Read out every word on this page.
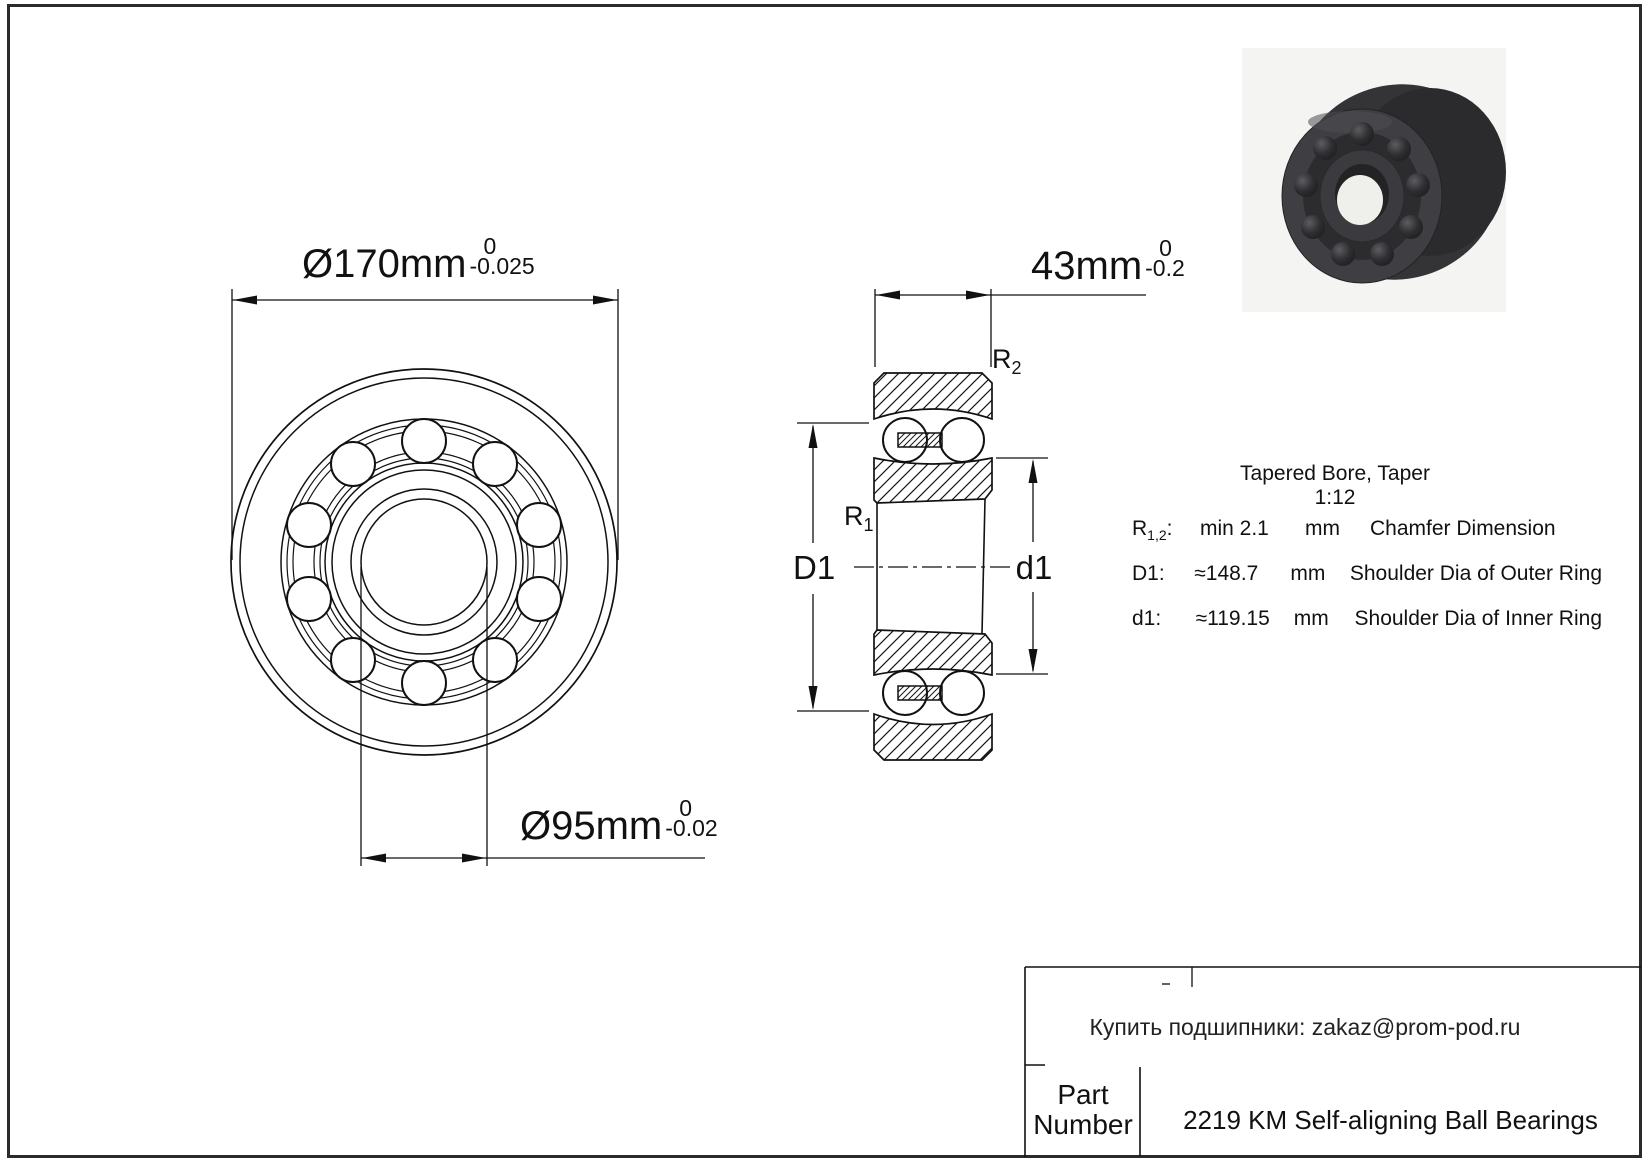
Ø170mm 0
-0.025
Ø95mm 0
-0.02
43mm 0
-0.2
$R_2$
$R_1$
D1	d1
Tapered Bore, Taper 1:12
$R_{1,2}$:	min 2.1	mm	Chamfer Dimension
D1:	≈148.7	mm	Shoulder Dia of Outer Ring
d1:	≈119.15	mm	Shoulder Dia of Inner Ring
Купить подшипники: zakaz@prom-pod.ru
Part
Number	2219 KM Self-aligning Ball Bearings
